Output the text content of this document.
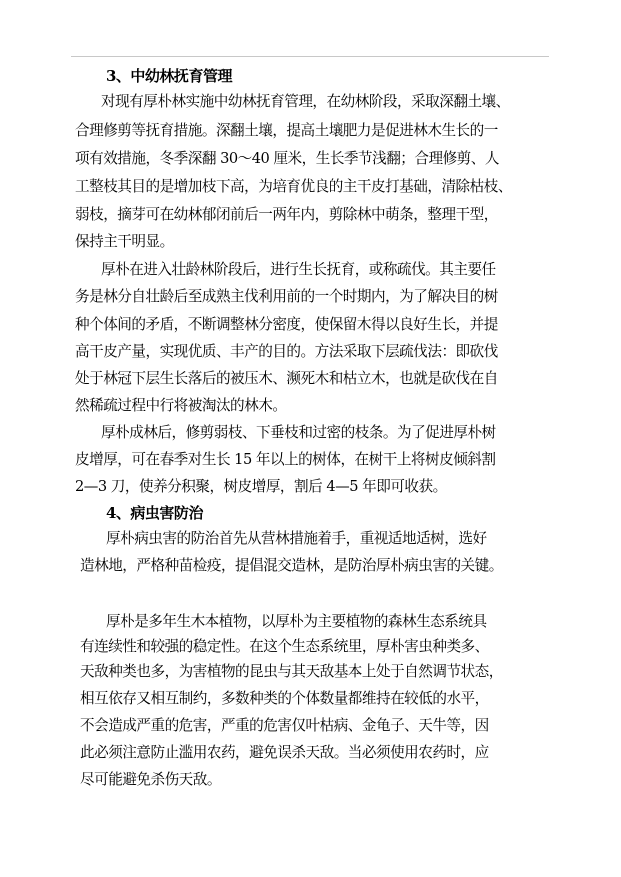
3、中幼林抚育管理
对现有厚朴林实施中幼林抚育管理，在幼林阶段，采取深翻土壤、
合理修剪等抚育措施。深翻土壤，提高土壤肥力是促进林木生长的一
项有效措施，冬季深翻 30～40 厘米，生长季节浅翻；合理修剪、人
工整枝其目的是增加枝下高，为培育优良的主干皮打基础，清除枯枝、
弱枝，摘芽可在幼林郁闭前后一两年内，剪除林中萌条，整理干型，
保持主干明显。
厚朴在进入壮龄林阶段后，进行生长抚育，或称疏伐。其主要任
务是林分自壮龄后至成熟主伐利用前的一个时期内，为了解决目的树
种个体间的矛盾，不断调整林分密度，使保留木得以良好生长，并提
高干皮产量，实现优质、丰产的目的。方法采取下层疏伐法：即砍伐
处于林冠下层生长落后的被压木、濒死木和枯立木，也就是砍伐在自
然稀疏过程中行将被淘汰的林木。
厚朴成林后，修剪弱枝、下垂枝和过密的枝条。为了促进厚朴树
皮增厚，可在春季对生长 15 年以上的树体，在树干上将树皮倾斜割
2—3 刀，使养分积聚，树皮增厚，割后 4—5 年即可收获。
4、病虫害防治
厚朴病虫害的防治首先从营林措施着手，重视适地适树，选好
造林地，严格种苗检疫，提倡混交造林，是防治厚朴病虫害的关键。
厚朴是多年生木本植物，以厚朴为主要植物的森林生态系统具
有连续性和较强的稳定性。在这个生态系统里，厚朴害虫种类多、
天敌种类也多，为害植物的昆虫与其天敌基本上处于自然调节状态，
相互依存又相互制约，多数种类的个体数量都维持在较低的水平，
不会造成严重的危害，严重的危害仅叶枯病、金龟子、天牛等，因
此必须注意防止滥用农药，避免误杀天敌。当必须使用农药时，应
尽可能避免杀伤天敌。
